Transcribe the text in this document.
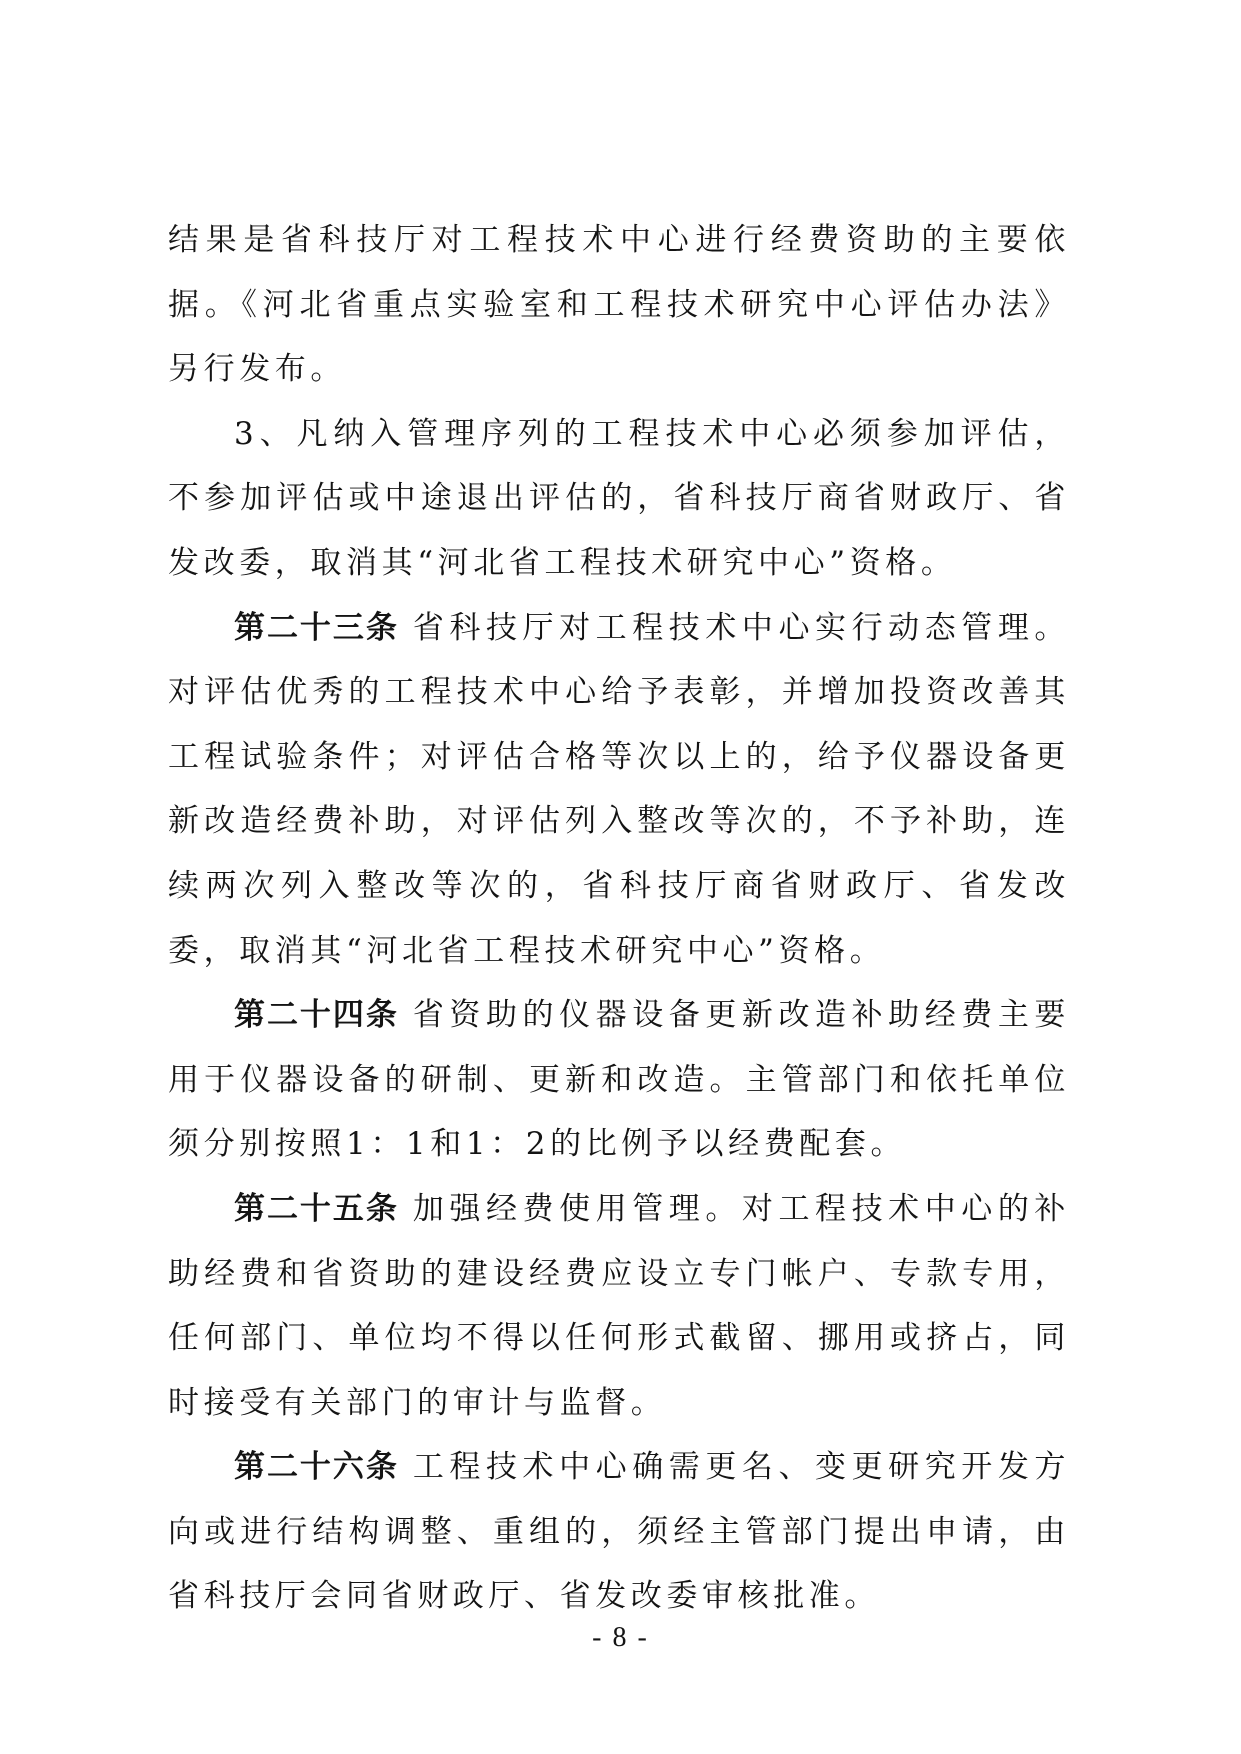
结果是省科技厅对工程技术中心进行经费资助的主要依据。《河北省重点实验室和工程技术研究中心评估办法》另行发布。

3、凡纳入管理序列的工程技术中心必须参加评估，不参加评估或中途退出评估的，省科技厅商省财政厅、省发改委，取消其“河北省工程技术研究中心”资格。

第二十三条 省科技厅对工程技术中心实行动态管理。对评估优秀的工程技术中心给予表彰，并增加投资改善其工程试验条件；对评估合格等次以上的，给予仪器设备更新改造经费补助，对评估列入整改等次的，不予补助，连续两次列入整改等次的，省科技厅商省财政厅、省发改委，取消其“河北省工程技术研究中心”资格。

第二十四条 省资助的仪器设备更新改造补助经费主要用于仪器设备的研制、更新和改造。主管部门和依托单位须分别按照1：1和1：2的比例予以经费配套。

第二十五条 加强经费使用管理。对工程技术中心的补助经费和省资助的建设经费应设立专门帐户、专款专用，任何部门、单位均不得以任何形式截留、挪用或挤占，同时接受有关部门的审计与监督。

第二十六条 工程技术中心确需更名、变更研究开发方向或进行结构调整、重组的，须经主管部门提出申请，由省科技厅会同省财政厅、省发改委审核批准。

- 8 -
